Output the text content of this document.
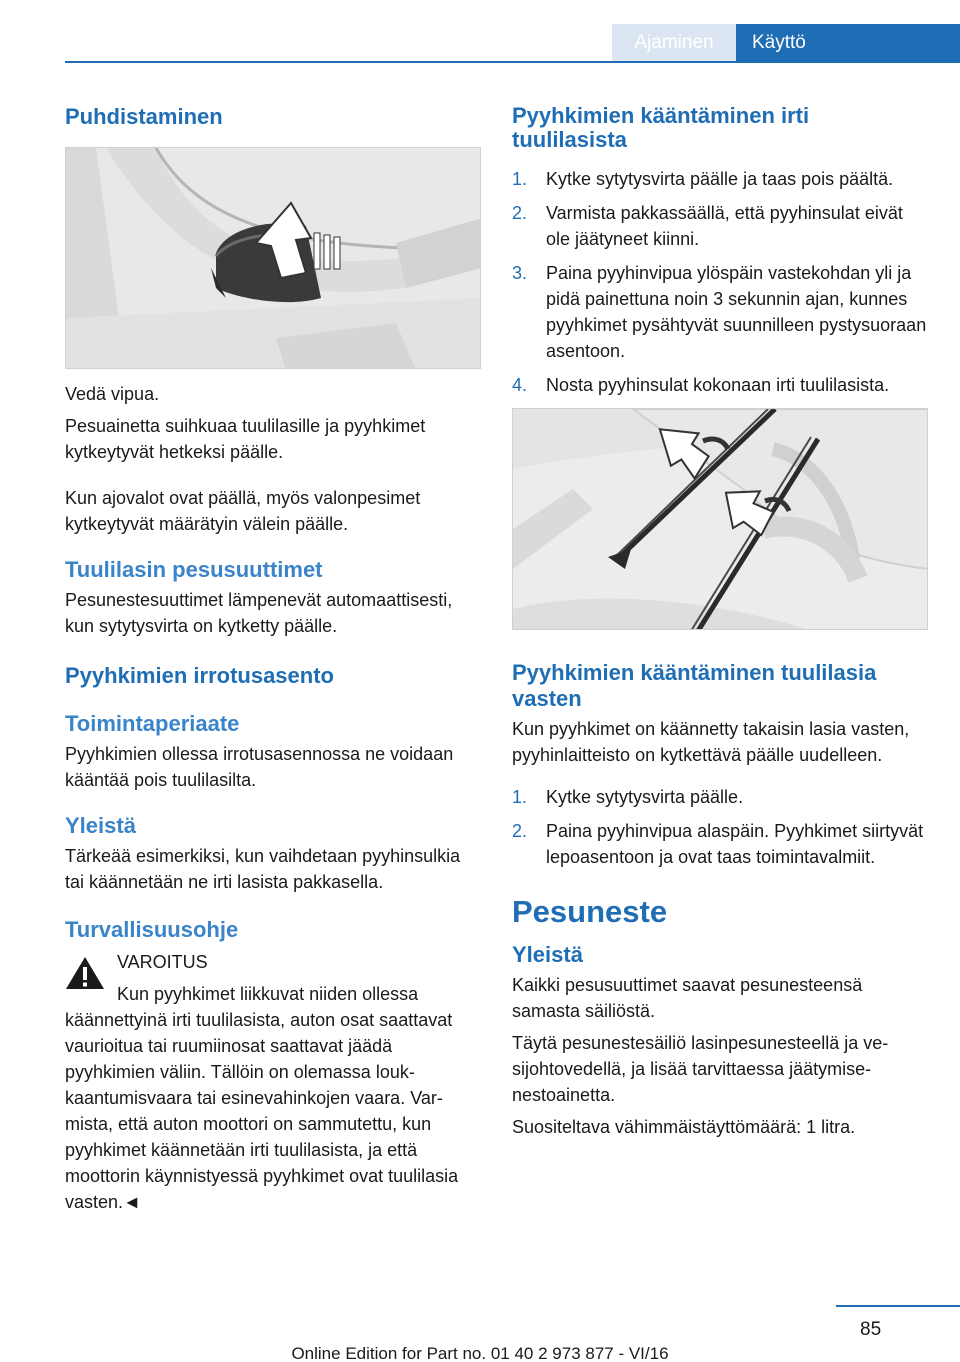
Ajaminen	Käyttö
Puhdistaminen
Vedä vipua.
Pesuainetta suihkuaa tuulilasille ja pyyhkimet kytkeytyvät hetkeksi päälle.
Kun ajovalot ovat päällä, myös valonpesimet kytkeytyvät määrätyin välein päälle.
Tuulilasin pesusuuttimet
Pesunestesuuttimet lämpenevät automaattisesti, kun sytytysvirta on kytketty päälle.
Pyyhkimien irrotusasento
Toimintaperiaate
Pyyhkimien ollessa irrotusasennossa ne voidaan kääntää pois tuulilasilta.
Yleistä
Tärkeää esimerkiksi, kun vaihdetaan pyyhinsulkia tai käännetään ne irti lasista pakkasella.
Turvallisuusohje
VAROITUS
Kun pyyhkimet liikkuvat niiden ollessa käännettyinä irti tuulilasista, auton osat saattavat vaurioitua tai ruumiinosat saattavat jäädä pyyhkimien väliin. Tällöin on olemassa loukkaantumisvaara tai esinevahinkojen vaara. Varmista, että auton moottori on sammutettu, kun pyyhkimet käännetään irti tuulilasista, ja että moottorin käynnistyessä pyyhkimet ovat tuulilasia vasten.◄
Pyyhkimien kääntäminen irti tuulilasista
1. Kytke sytytysvirta päälle ja taas pois päältä.
2. Varmista pakkassäällä, että pyyhinsulat eivät ole jäätyneet kiinni.
3. Paina pyyhinvipua ylöspäin vastekohdan yli ja pidä painettuna noin 3 sekunnin ajan, kunnes pyyhkimet pysähtyvät suunnilleen pystysuoraan asentoon.
4. Nosta pyyhinsulat kokonaan irti tuulilasista.
Pyyhkimien kääntäminen tuulilasia vasten
Kun pyyhkimet on käännetty takaisin lasia vasten, pyyhinlaitteisto on kytkettävä päälle uudelleen.
1. Kytke sytytysvirta päälle.
2. Paina pyyhinvipua alaspäin. Pyyhkimet siirtyvät lepoasentoon ja ovat taas toimintavalmiit.
Pesuneste
Yleistä
Kaikki pesusuuttimet saavat pesunesteensä samasta säiliöstä.
Täytä pesunestesäiliö lasinpesunesteellä ja vesijohtovedellä, ja lisää tarvittaessa jäätymisenestoainetta.
Suositeltava vähimmäistäyttömäärä: 1 litra.
85
Online Edition for Part no. 01 40 2 973 877 - VI/16
